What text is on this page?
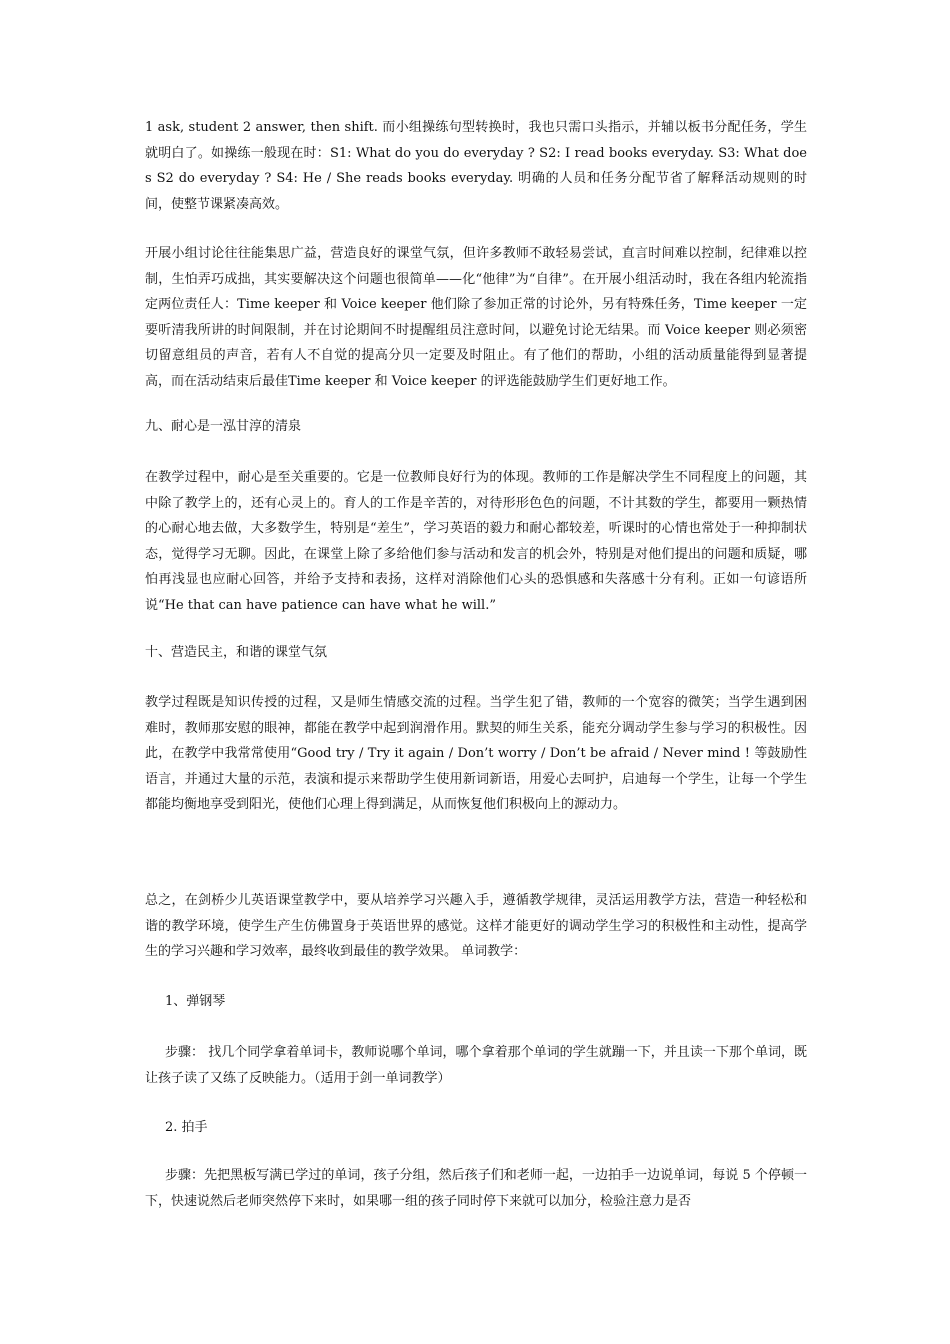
1 ask, student 2 answer, then shift. 而小组操练句型转换时，我也只需口头指示，并辅以板书分配任务，学生就明白了。如操练一般现在时：S1: What do you do everyday ? S2: I read books everyday. S3: What does S2 do everyday ? S4: He / She reads books everyday. 明确的人员和任务分配节省了解释活动规则的时间，使整节课紧凑高效。

开展小组讨论往往能集思广益，营造良好的课堂气氛，但许多教师不敢轻易尝试，直言时间难以控制，纪律难以控制，生怕弄巧成拙，其实要解决这个问题也很简单——化“他律”为“自律”。在开展小组活动时，我在各组内轮流指定两位责任人：Time keeper 和 Voice keeper 他们除了参加正常的讨论外，另有特殊任务，Time keeper 一定要听清我所讲的时间限制，并在讨论期间不时提醒组员注意时间，以避免讨论无结果。而 Voice keeper 则必须密切留意组员的声音，若有人不自觉的提高分贝一定要及时阻止。有了他们的帮助，小组的活动质量能得到显著提高，而在活动结束后最佳Time keeper 和 Voice keeper 的评选能鼓励学生们更好地工作。

九、耐心是一泓甘淳的清泉

在教学过程中，耐心是至关重要的。它是一位教师良好行为的体现。教师的工作是解决学生不同程度上的问题，其中除了教学上的，还有心灵上的。育人的工作是辛苦的，对待形形色色的问题，不计其数的学生，都要用一颗热情的心耐心地去做，大多数学生，特别是“差生”，学习英语的毅力和耐心都较差，听课时的心情也常处于一种抑制状态，觉得学习无聊。因此，在课堂上除了多给他们参与活动和发言的机会外，特别是对他们提出的问题和质疑，哪怕再浅显也应耐心回答，并给予支持和表扬，这样对消除他们心头的恐惧感和失落感十分有利。正如一句谚语所说“He that can have patience can have what he will.”

十、营造民主，和谐的课堂气氛

教学过程既是知识传授的过程，又是师生情感交流的过程。当学生犯了错，教师的一个宽容的微笑；当学生遇到困难时，教师那安慰的眼神，都能在教学中起到润滑作用。默契的师生关系，能充分调动学生参与学习的积极性。因此，在教学中我常常使用“Good try / Try it again / Don’t worry / Don’t be afraid / Never mind ! 等鼓励性语言，并通过大量的示范，表演和提示来帮助学生使用新词新语，用爱心去呵护，启迪每一个学生，让每一个学生都能均衡地享受到阳光，使他们心理上得到满足，从而恢复他们积极向上的源动力。

总之，在剑桥少儿英语课堂教学中，要从培养学习兴趣入手，遵循教学规律，灵活运用教学方法，营造一种轻松和谐的教学环境，使学生产生仿佛置身于英语世界的感觉。这样才能更好的调动学生学习的积极性和主动性，提高学生的学习兴趣和学习效率，最终收到最佳的教学效果。 单词教学：

1、弹钢琴

步骤： 找几个同学拿着单词卡，教师说哪个单词，哪个拿着那个单词的学生就蹦一下，并且读一下那个单词，既让孩子读了又练了反映能力。（适用于剑一单词教学）

2. 拍手

步骤：先把黑板写满已学过的单词，孩子分组，然后孩子们和老师一起，一边拍手一边说单词，每说 5 个停顿一下，快速说然后老师突然停下来时，如果哪一组的孩子同时停下来就可以加分，检验注意力是否
